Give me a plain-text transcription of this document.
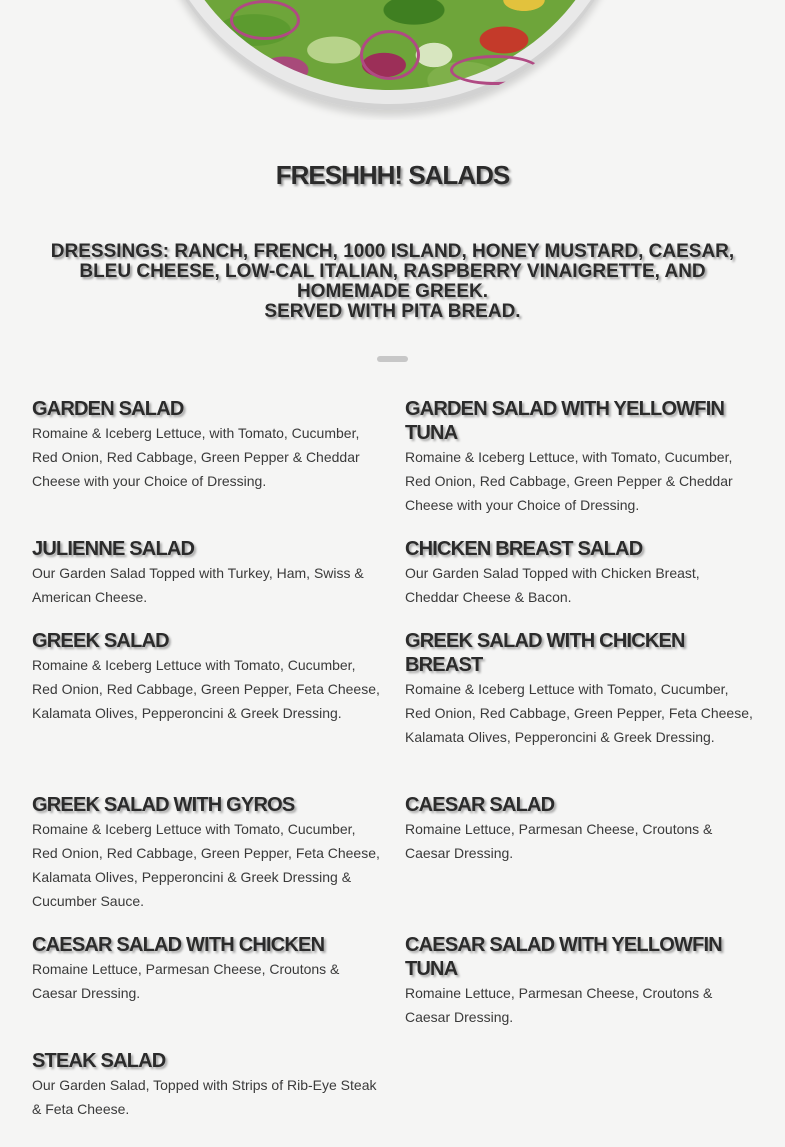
FRESHHH! SALADS
DRESSINGS: RANCH, FRENCH, 1000 ISLAND, HONEY MUSTARD, CAESAR,
BLEU CHEESE, LOW-CAL ITALIAN, RASPBERRY VINAIGRETTE, AND
HOMEMADE GREEK.
SERVED WITH PITA BREAD.
GARDEN SALAD

Romaine & Iceberg Lettuce, with Tomato, Cucumber, Red Onion, Red Cabbage, Green Pepper & Cheddar Cheese with your Choice of Dressing.

GARDEN SALAD WITH YELLOWFIN TUNA

Romaine & Iceberg Lettuce, with Tomato, Cucumber, Red Onion, Red Cabbage, Green Pepper & Cheddar Cheese with your Choice of Dressing.

JULIENNE SALAD

Our Garden Salad Topped with Turkey, Ham, Swiss & American Cheese.

CHICKEN BREAST SALAD

Our Garden Salad Topped with Chicken Breast, Cheddar Cheese & Bacon.

GREEK SALAD

Romaine & Iceberg Lettuce with Tomato, Cucumber, Red Onion, Red Cabbage, Green Pepper, Feta Cheese, Kalamata Olives, Pepperoncini & Greek Dressing.

GREEK SALAD WITH CHICKEN BREAST

Romaine & Iceberg Lettuce with Tomato, Cucumber, Red Onion, Red Cabbage, Green Pepper, Feta Cheese, Kalamata Olives, Pepperoncini & Greek Dressing.

GREEK SALAD WITH GYROS

Romaine & Iceberg Lettuce with Tomato, Cucumber, Red Onion, Red Cabbage, Green Pepper, Feta Cheese, Kalamata Olives, Pepperoncini & Greek Dressing & Cucumber Sauce.

CAESAR SALAD

Romaine Lettuce, Parmesan Cheese, Croutons & Caesar Dressing.

CAESAR SALAD WITH CHICKEN

Romaine Lettuce, Parmesan Cheese, Croutons & Caesar Dressing.

CAESAR SALAD WITH YELLOWFIN TUNA

Romaine Lettuce, Parmesan Cheese, Croutons & Caesar Dressing.

STEAK SALAD

Our Garden Salad, Topped with Strips of Rib-Eye Steak & Feta Cheese.
